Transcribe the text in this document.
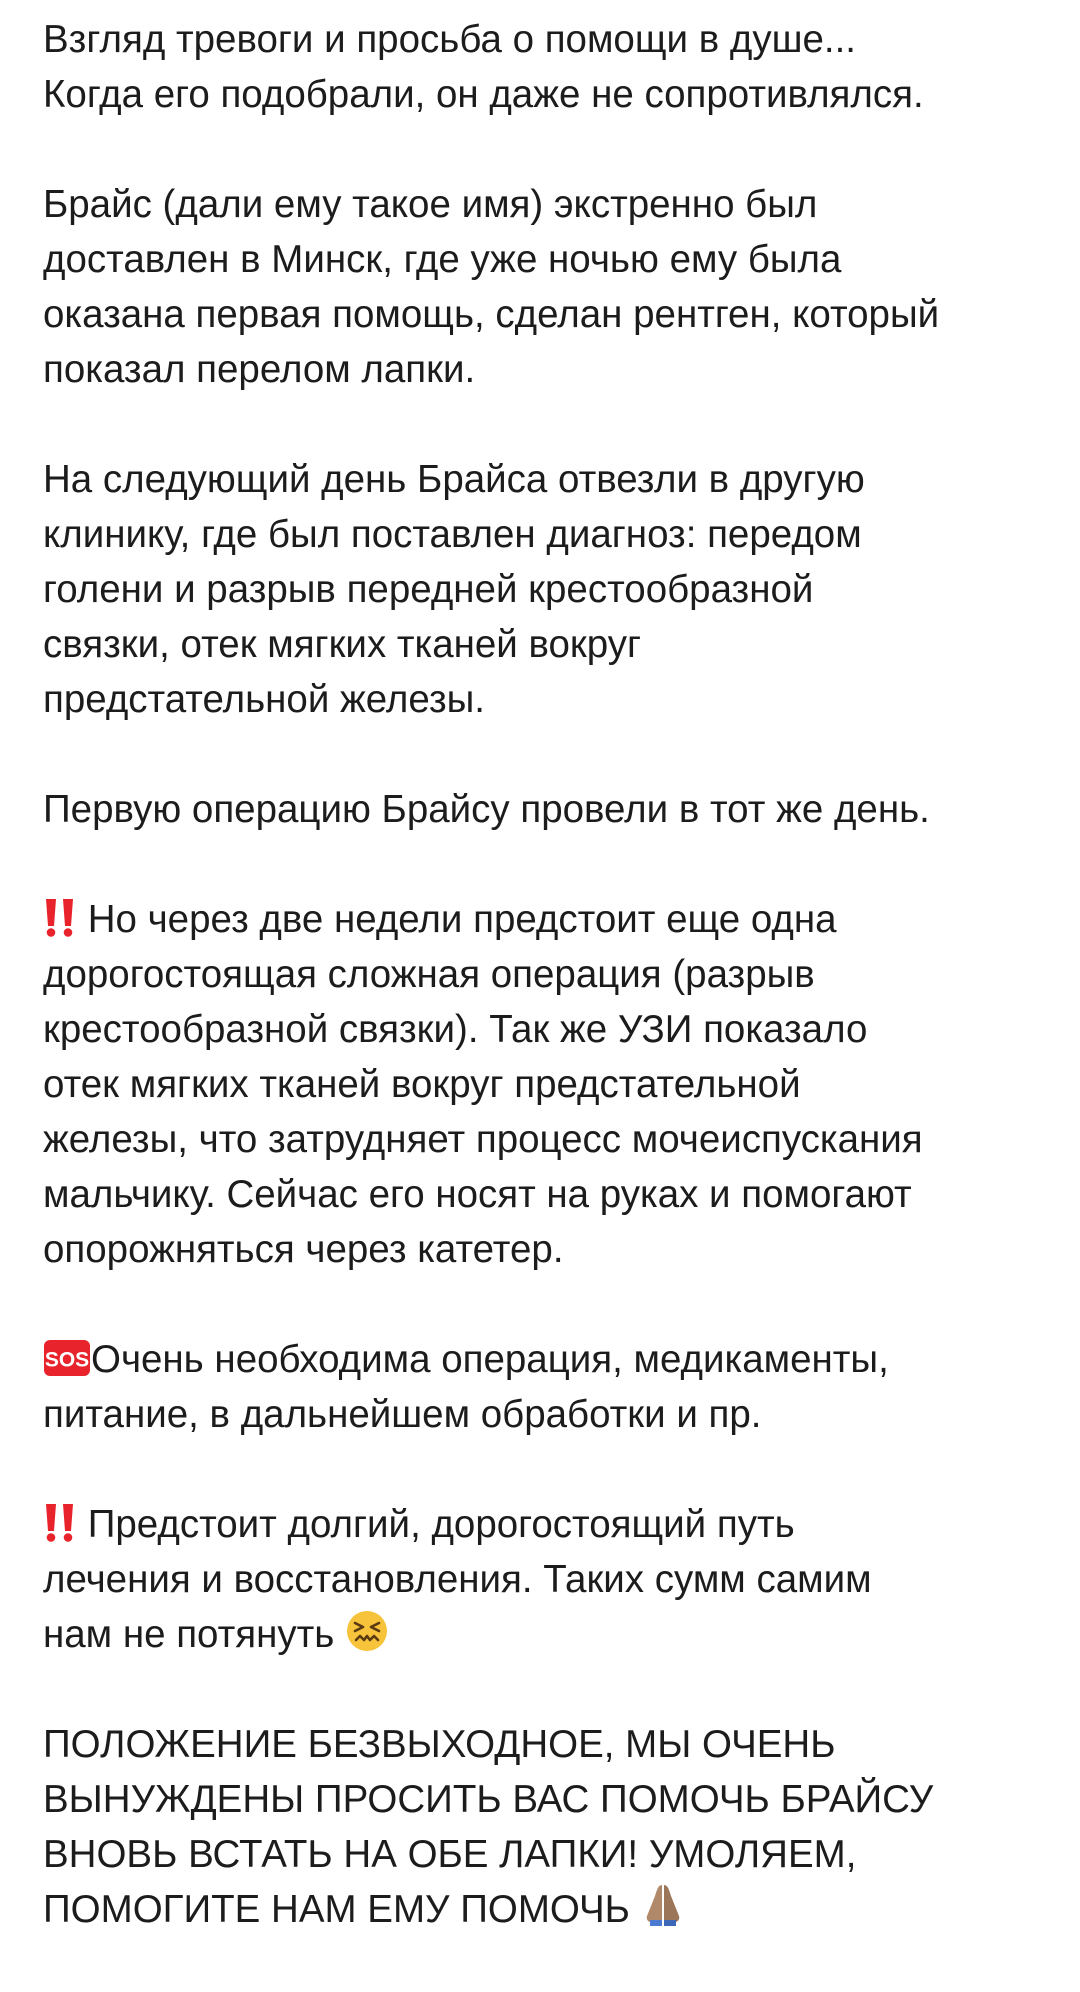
Взгляд тревоги и просьба о помощи в душе...
Когда его подобрали, он даже не сопротивлялся.
Брайс (дали ему такое имя) экстренно был
доставлен в Минск, где уже ночью ему была
оказана первая помощь, сделан рентген, который
показал перелом лапки.
На следующий день Брайса отвезли в другую
клинику, где был поставлен диагноз: передом
голени и разрыв передней крестообразной
связки, отек мягких тканей вокруг
предстательной железы.
Первую операцию Брайсу провели в тот же день.
Но через две недели предстоит еще одна
дорогостоящая сложная операция (разрыв
крестообразной связки). Так же УЗИ показало
отек мягких тканей вокруг предстательной
железы, что затрудняет процесс мочеиспускания
мальчику. Сейчас его носят на руках и помогают
опорожняться через катетер.
SOS Очень необходима операция, медикаменты,
питание, в дальнейшем обработки и пр.
Предстоит долгий, дорогостоящий путь
лечения и восстановления. Таких сумм самим
нам не потянуть
ПОЛОЖЕНИЕ БЕЗВЫХОДНОЕ, МЫ ОЧЕНЬ
ВЫНУЖДЕНЫ ПРОСИТЬ ВАС ПОМОЧЬ БРАЙСУ
ВНОВЬ ВСТАТЬ НА ОБЕ ЛАПКИ! УМОЛЯЕМ,
ПОМОГИТЕ НАМ ЕМУ ПОМОЧЬ
